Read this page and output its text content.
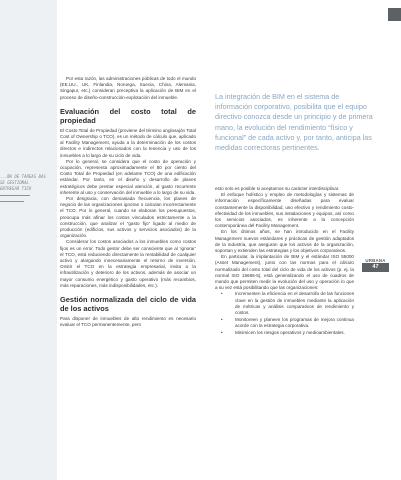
...ÑA DE TAREAS BAS
SE GESTIONAL
ENTREGAR TICK

Por esta razón, las administraciones públicas de todo el mundo (EE.UU., UK, Finlandia, Noruega, Suecia, China, Alemania, Singapur, etc.) consideran preceptiva la aplicación de BIM en el proceso de diseño-construcción-explotación del inmueble.

Evaluación del costo total de propiedad

El Costo Total de Propiedad (proviene del término anglosajón Total Cost of Ownership o TCO), es un método de cálculo que, aplicado al Facility Management, ayuda a la determinación de los costos directos e indirectos relacionados con la tenencia y uso de los inmuebles a lo largo de su ciclo de vida.

Por lo general, se considera que el costo de operación y ocupación, representa aproximadamente el 80 por ciento del Costo Total de Propiedad (en adelante TCO) de una edificación estándar. Por tanto, en el diseño y desarrollo de planes estratégicos debe prestar especial atención, al gasto recurrente inherente al uso y conservación del inmueble a lo largo de su vida.

Por desgracia, con demasiada frecuencia, los planes de negocio de las organizaciones ignoran o calculan incorrectamente el TCO. Por lo general, cuando se elaboran los presupuestos, preocupa más afinar los costos vinculados estrictamente a la construcción, que analizar el “gasto fijo” ligado al medio de producción (edificios, sus activos y servicios asociados) de la organización.

Considerar los costos asociados a los inmuebles como costos fijos es un error. Todo gestor debe ser consciente que al ‘ignorar’ el TCO, está reduciendo directamente la rentabilidad de cualquier activo y alargando innecesariamente el retorno de inversión. Omitir el TCO en la estrategia empresarial, invita a la infrautilización y deterioro de los activos, además de asociar un mayor consumo energético y gasto operativo (más recambios, más reparaciones, más indisponibilidades, etc.).

Gestión normalizada del ciclo de vida de los activos

Para disponer de inmuebles de alto rendimiento es necesario evaluar el TCO permanentemente, pero

La integración de BIM en el sistema de información corporativo, posibilita que el equipo directivo conozca desde un principio y de primera mano, la evolución del rendimiento “físico y funcional” de cada activo y, por tanto, anticipa las medidas correctoras pertinentes.

esto solo es posible si aceptamos su carácter interdisciplinar.

El enfoque holístico y empleo de metodologías y sistemas de información específicamente diseñadas para evaluar constantemente la disponibilidad, uso efectivo y rendimiento costo-efectividad de los inmuebles, sus instalaciones y equipos, así como los servicios asociados, es inherente a la concepción contemporánea del Facility Management.

En los últimos años, se han introducido en el Facility Management nuevos estándares y prácticas de gestión adaptados de la industria, que aseguran que los activos de la organización, soportan y extienden las estrategias y los objetivos corporativos.

En particular, la implantación de BIM y el estándar ISO 55000 (Asset Management), junto con las normas para el cálculo normalizado del costo total del ciclo de vida de los activos (p. ej. la normal ISO 15686-5), está generalizando el uso de cuadros de mando que permiten medir la evolución del uso y operación lo que a su vez está posibilitando que las organizaciones:

• Incrementen la eficiencia en el desarrollo de las funciones clave en la gestión de inmuebles mediante la aplicación de métricas y análisis comparativos de rendimiento y costos.
• Monitoreen y planeen los programas de mejora continua acorde con la estrategia corporativa.
• Minimicen los riesgos operativos y medioambientales.
URBANA
47
